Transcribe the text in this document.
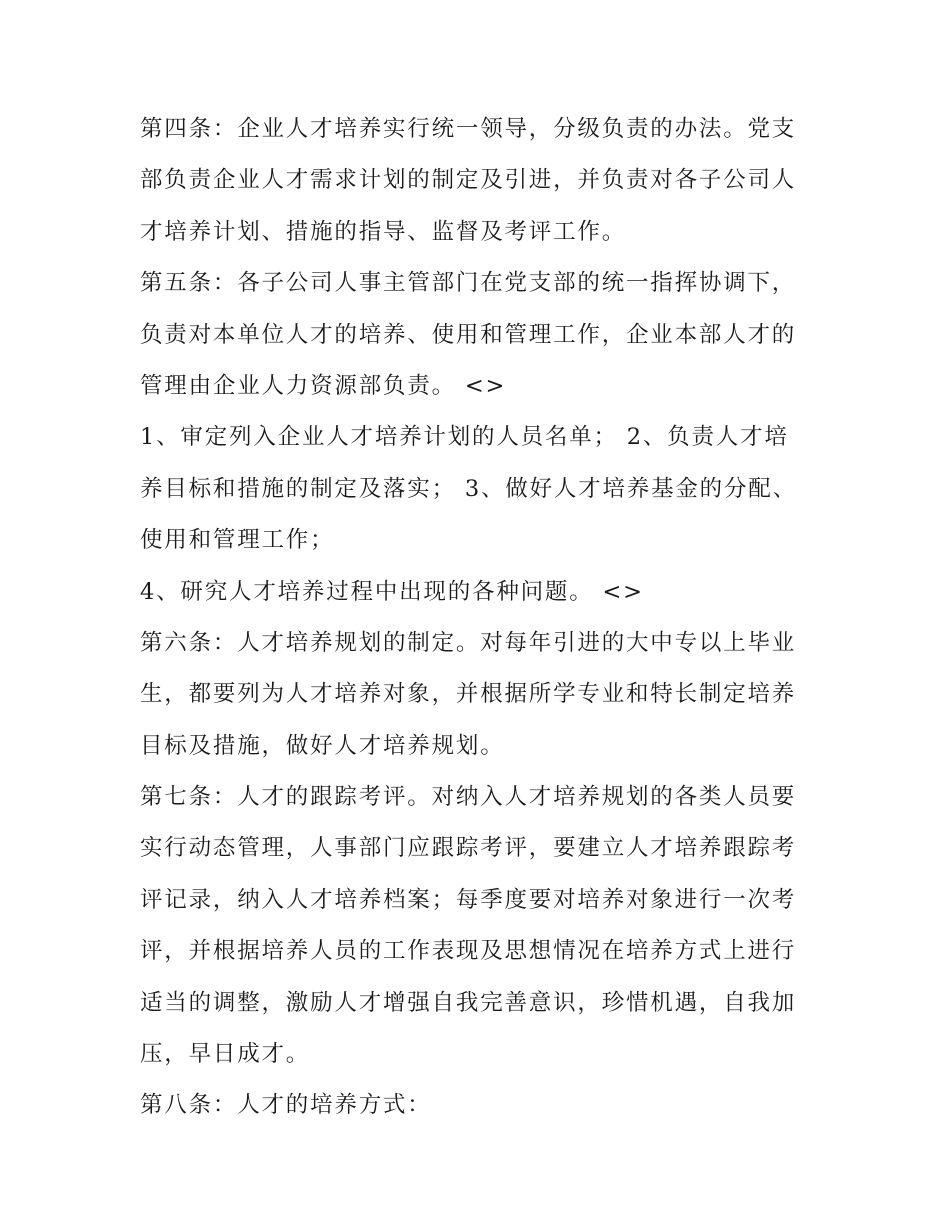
第四条：企业人才培养实行统一领导，分级负责的办法。党支
部负责企业人才需求计划的制定及引进，并负责对各子公司人
才培养计划、措施的指导、监督及考评工作。
第五条：各子公司人事主管部门在党支部的统一指挥协调下，
负责对本单位人才的培养、使用和管理工作，企业本部人才的
管理由企业人力资源部负责。 <>
1、审定列入企业人才培养计划的人员名单； 2、负责人才培
养目标和措施的制定及落实； 3、做好人才培养基金的分配、
使用和管理工作；
4、研究人才培养过程中出现的各种问题。 <>
第六条：人才培养规划的制定。对每年引进的大中专以上毕业
生，都要列为人才培养对象，并根据所学专业和特长制定培养
目标及措施，做好人才培养规划。
第七条：人才的跟踪考评。对纳入人才培养规划的各类人员要
实行动态管理，人事部门应跟踪考评，要建立人才培养跟踪考
评记录，纳入人才培养档案；每季度要对培养对象进行一次考
评，并根据培养人员的工作表现及思想情况在培养方式上进行
适当的调整，激励人才增强自我完善意识，珍惜机遇，自我加
压，早日成才。
第八条：人才的培养方式：
